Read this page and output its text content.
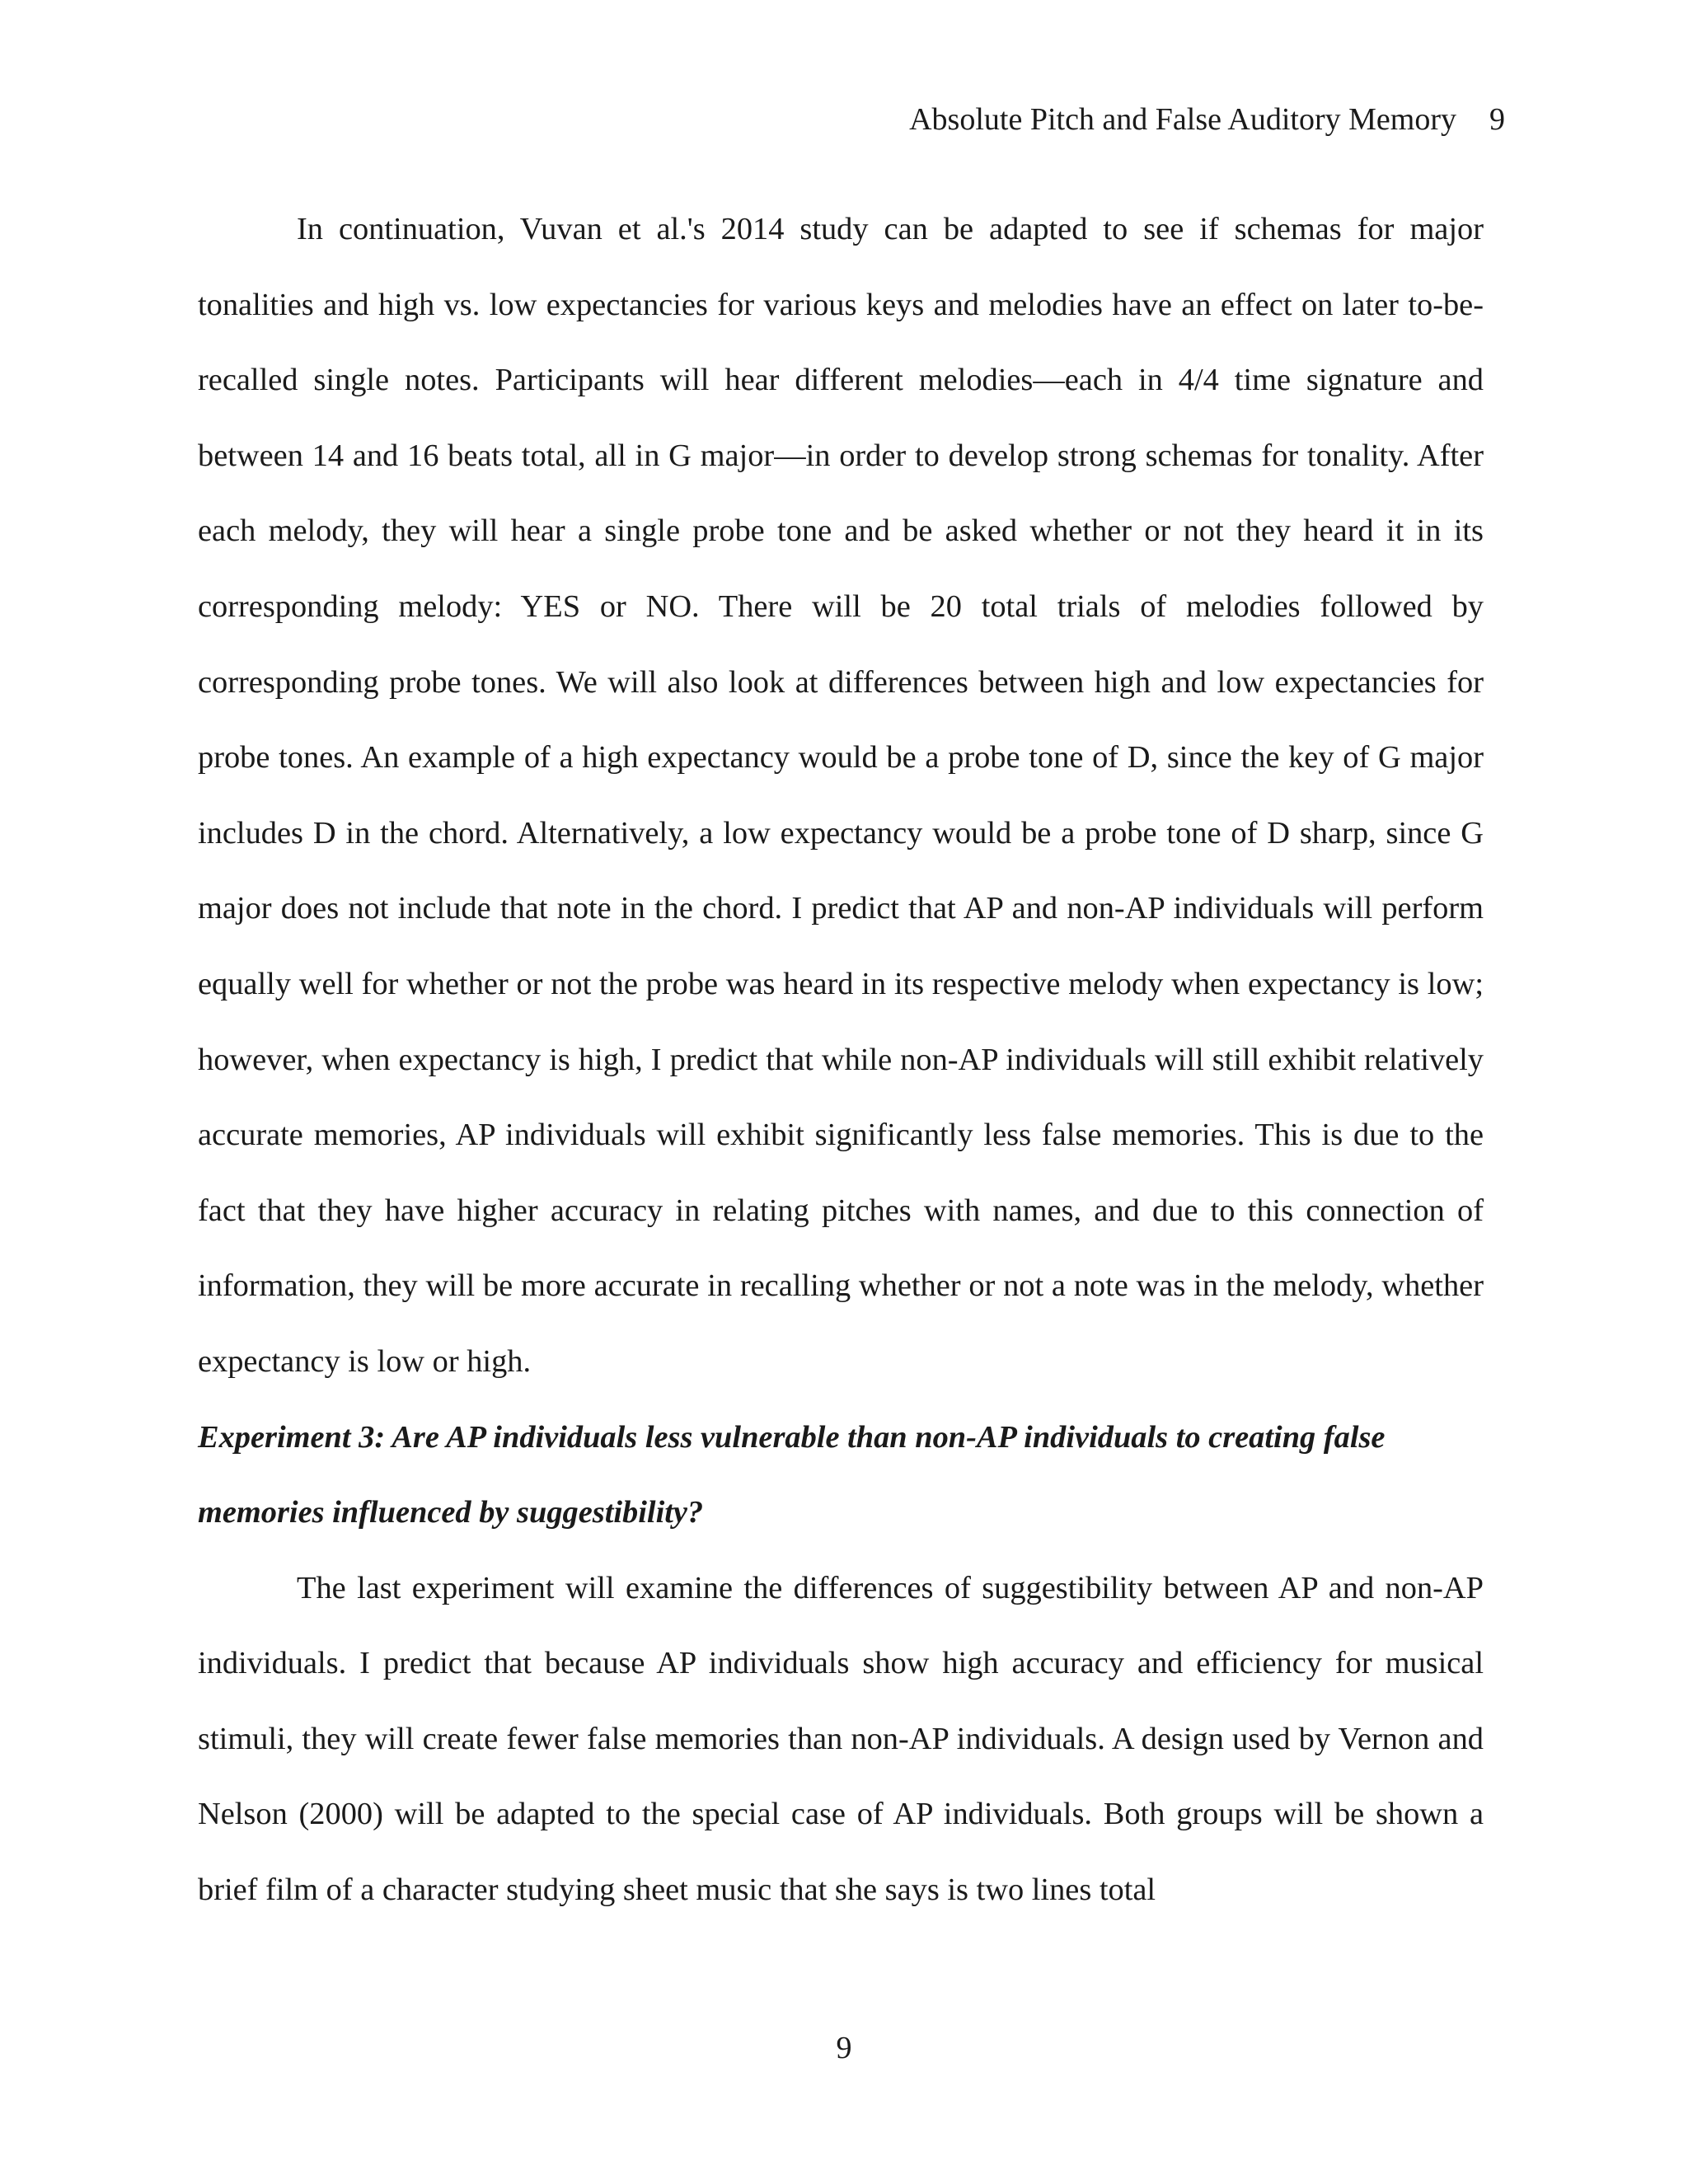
Absolute Pitch and False Auditory Memory 9

In continuation, Vuvan et al.'s 2014 study can be adapted to see if schemas for major tonalities and high vs. low expectancies for various keys and melodies have an effect on later to-be-recalled single notes. Participants will hear different melodies—each in 4/4 time signature and between 14 and 16 beats total, all in G major—in order to develop strong schemas for tonality. After each melody, they will hear a single probe tone and be asked whether or not they heard it in its corresponding melody: YES or NO. There will be 20 total trials of melodies followed by corresponding probe tones. We will also look at differences between high and low expectancies for probe tones. An example of a high expectancy would be a probe tone of D, since the key of G major includes D in the chord. Alternatively, a low expectancy would be a probe tone of D sharp, since G major does not include that note in the chord. I predict that AP and non-AP individuals will perform equally well for whether or not the probe was heard in its respective melody when expectancy is low; however, when expectancy is high, I predict that while non-AP individuals will still exhibit relatively accurate memories, AP individuals will exhibit significantly less false memories. This is due to the fact that they have higher accuracy in relating pitches with names, and due to this connection of information, they will be more accurate in recalling whether or not a note was in the melody, whether expectancy is low or high.

Experiment 3: Are AP individuals less vulnerable than non-AP individuals to creating false memories influenced by suggestibility?

The last experiment will examine the differences of suggestibility between AP and non-AP individuals. I predict that because AP individuals show high accuracy and efficiency for musical stimuli, they will create fewer false memories than non-AP individuals. A design used by Vernon and Nelson (2000) will be adapted to the special case of AP individuals. Both groups will be shown a brief film of a character studying sheet music that she says is two lines total

9
